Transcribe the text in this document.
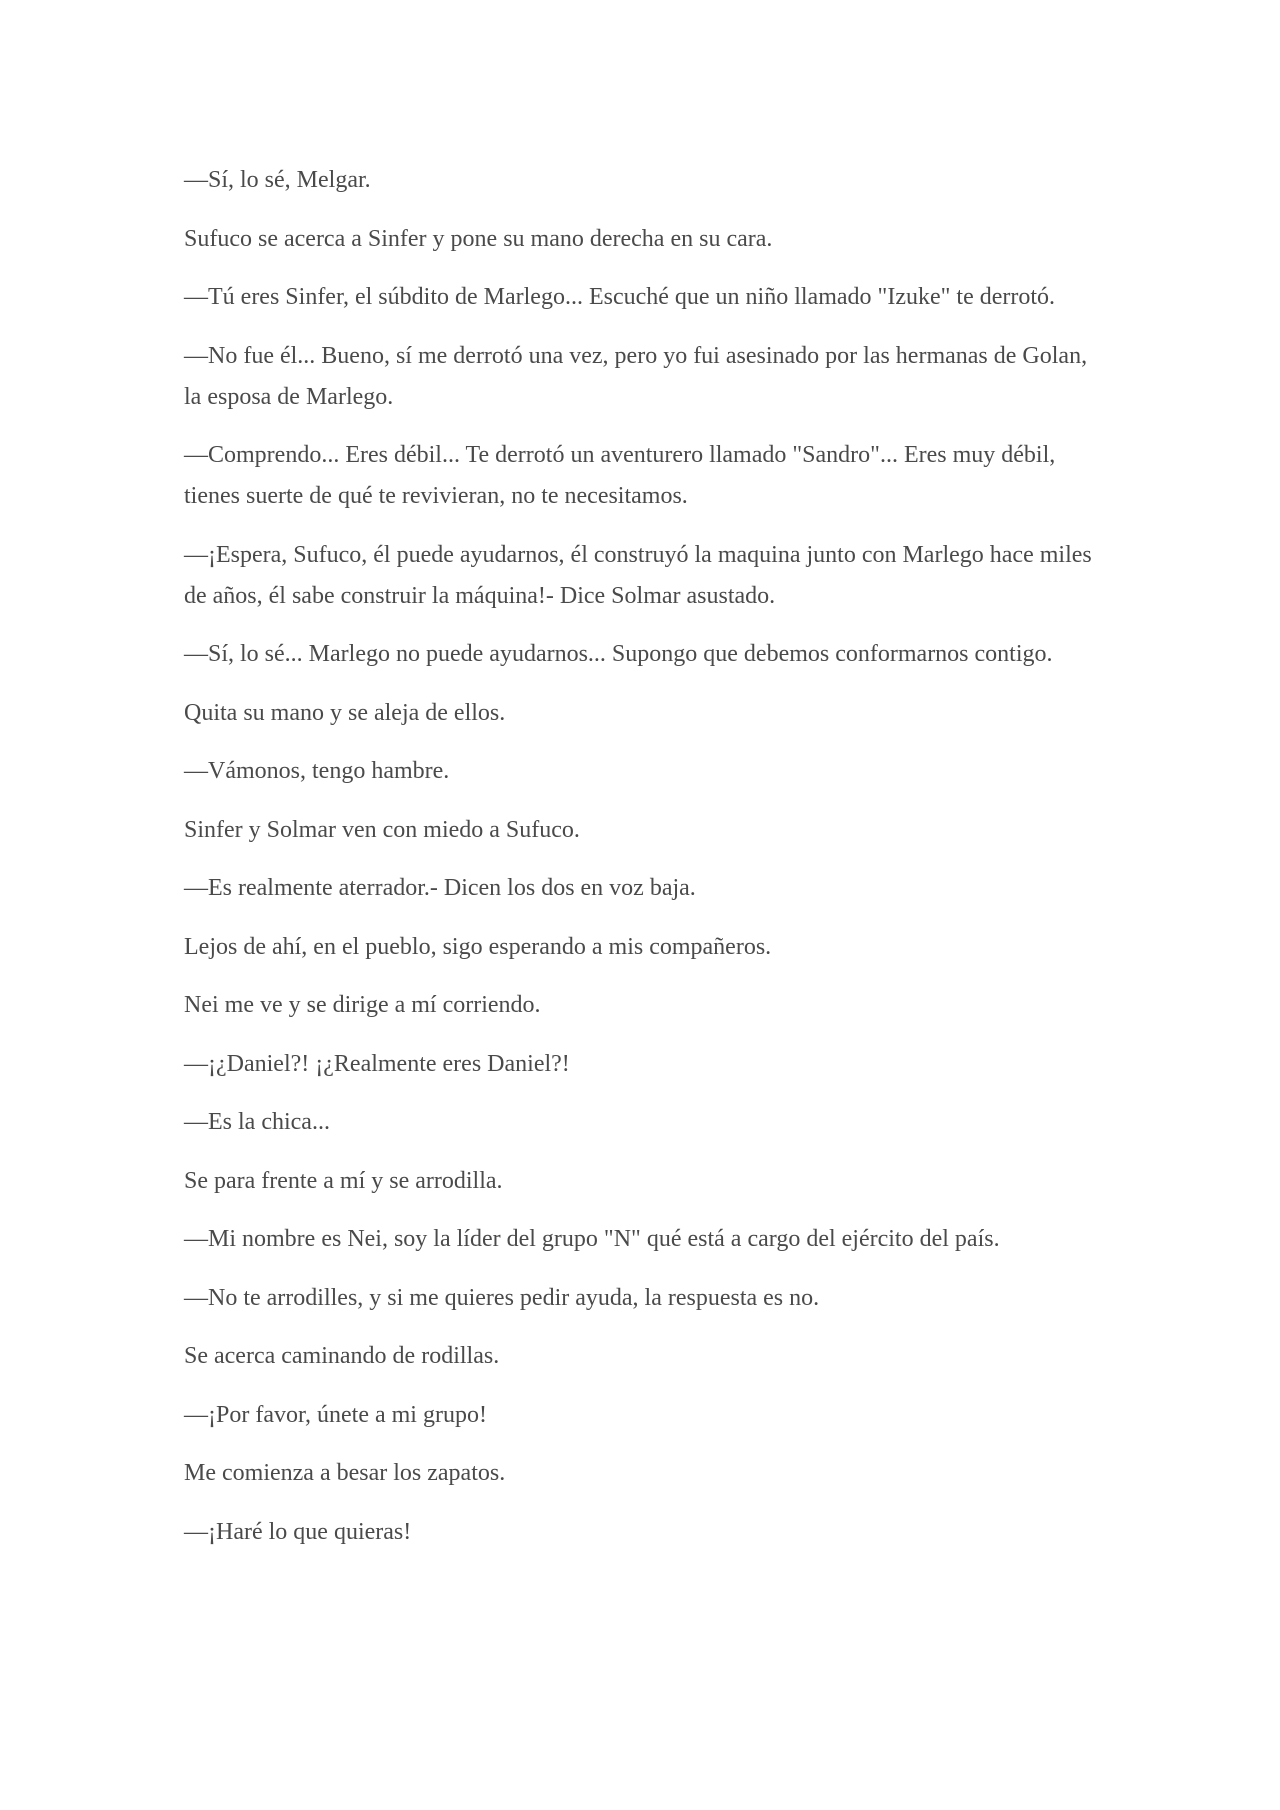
—Sí, lo sé, Melgar.

Sufuco se acerca a Sinfer y pone su mano derecha en su cara.

—Tú eres Sinfer, el súbdito de Marlego... Escuché que un niño llamado "Izuke" te derrotó.

—No fue él... Bueno, sí me derrotó una vez, pero yo fui asesinado por las hermanas de Golan, la esposa de Marlego.

—Comprendo... Eres débil... Te derrotó un aventurero llamado "Sandro"... Eres muy débil, tienes suerte de qué te revivieran, no te necesitamos.

—¡Espera, Sufuco, él puede ayudarnos, él construyó la maquina junto con Marlego hace miles de años, él sabe construir la máquina!- Dice Solmar asustado.

—Sí, lo sé... Marlego no puede ayudarnos... Supongo que debemos conformarnos contigo.

Quita su mano y se aleja de ellos.

—Vámonos, tengo hambre.

Sinfer y Solmar ven con miedo a Sufuco.

—Es realmente aterrador.- Dicen los dos en voz baja.

Lejos de ahí, en el pueblo, sigo esperando a mis compañeros.

Nei me ve y se dirige a mí corriendo.

—¡¿Daniel?! ¡¿Realmente eres Daniel?!

—Es la chica...

Se para frente a mí y se arrodilla.

—Mi nombre es Nei, soy la líder del grupo "N" qué está a cargo del ejército del país.

—No te arrodilles, y si me quieres pedir ayuda, la respuesta es no.

Se acerca caminando de rodillas.

—¡Por favor, únete a mi grupo!

Me comienza a besar los zapatos.

—¡Haré lo que quieras!
